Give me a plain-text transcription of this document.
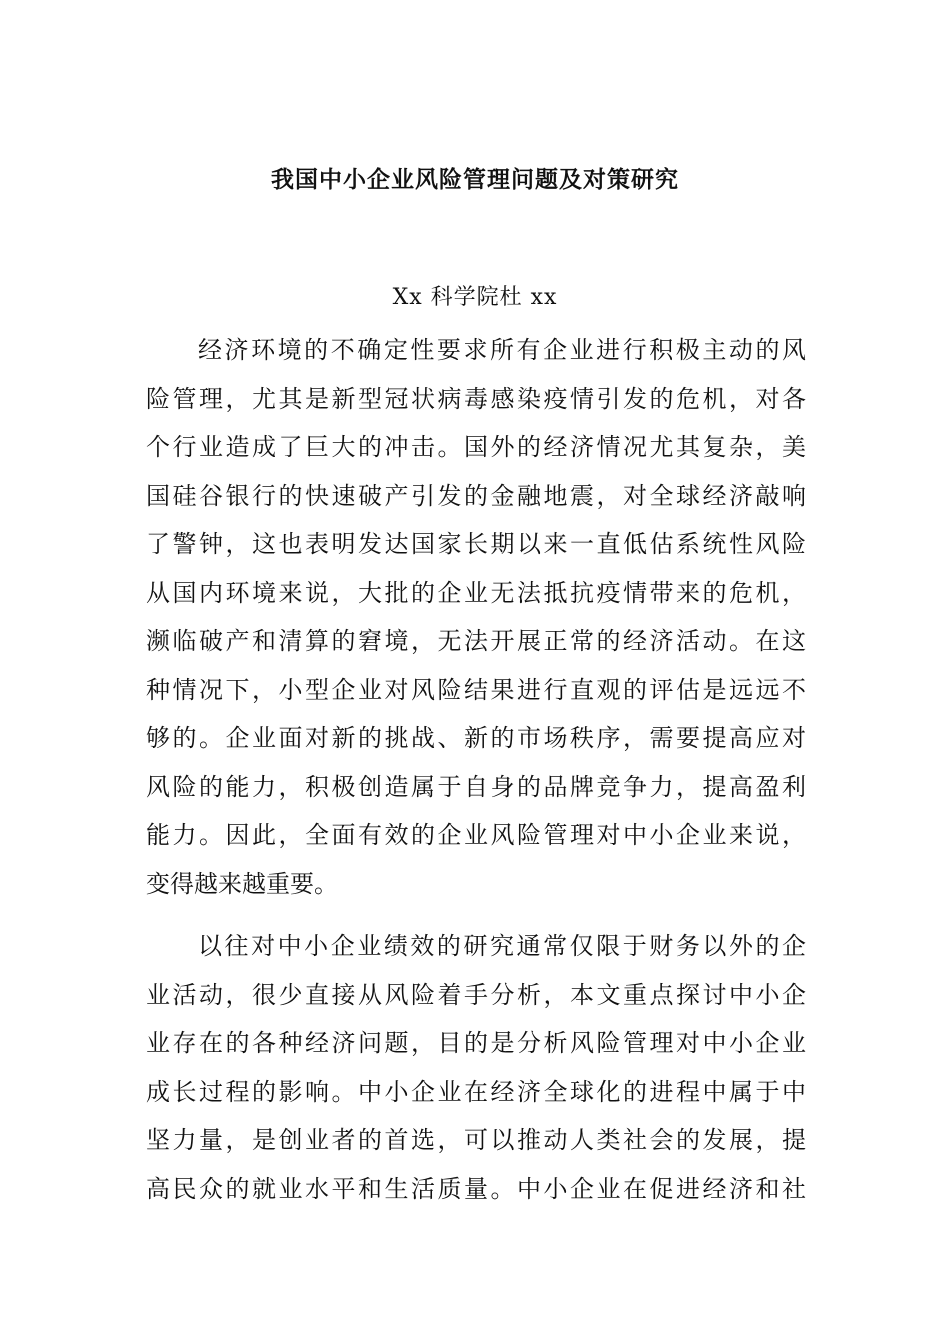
我国中小企业风险管理问题及对策研究
Xx 科学院杜 xx
经济环境的不确定性要求所有企业进行积极主动的风
险管理，尤其是新型冠状病毒感染疫情引发的危机，对各
个行业造成了巨大的冲击。国外的经济情况尤其复杂，美
国硅谷银行的快速破产引发的金融地震，对全球经济敲响
了警钟，这也表明发达国家长期以来一直低估系统性风险
从国内环境来说，大批的企业无法抵抗疫情带来的危机，
濒临破产和清算的窘境，无法开展正常的经济活动。在这
种情况下，小型企业对风险结果进行直观的评估是远远不
够的。企业面对新的挑战、新的市场秩序，需要提高应对
风险的能力，积极创造属于自身的品牌竞争力，提高盈利
能力。因此，全面有效的企业风险管理对中小企业来说，
变得越来越重要。
以往对中小企业绩效的研究通常仅限于财务以外的企
业活动，很少直接从风险着手分析，本文重点探讨中小企
业存在的各种经济问题，目的是分析风险管理对中小企业
成长过程的影响。中小企业在经济全球化的进程中属于中
坚力量，是创业者的首选，可以推动人类社会的发展，提
高民众的就业水平和生活质量。中小企业在促进经济和社
